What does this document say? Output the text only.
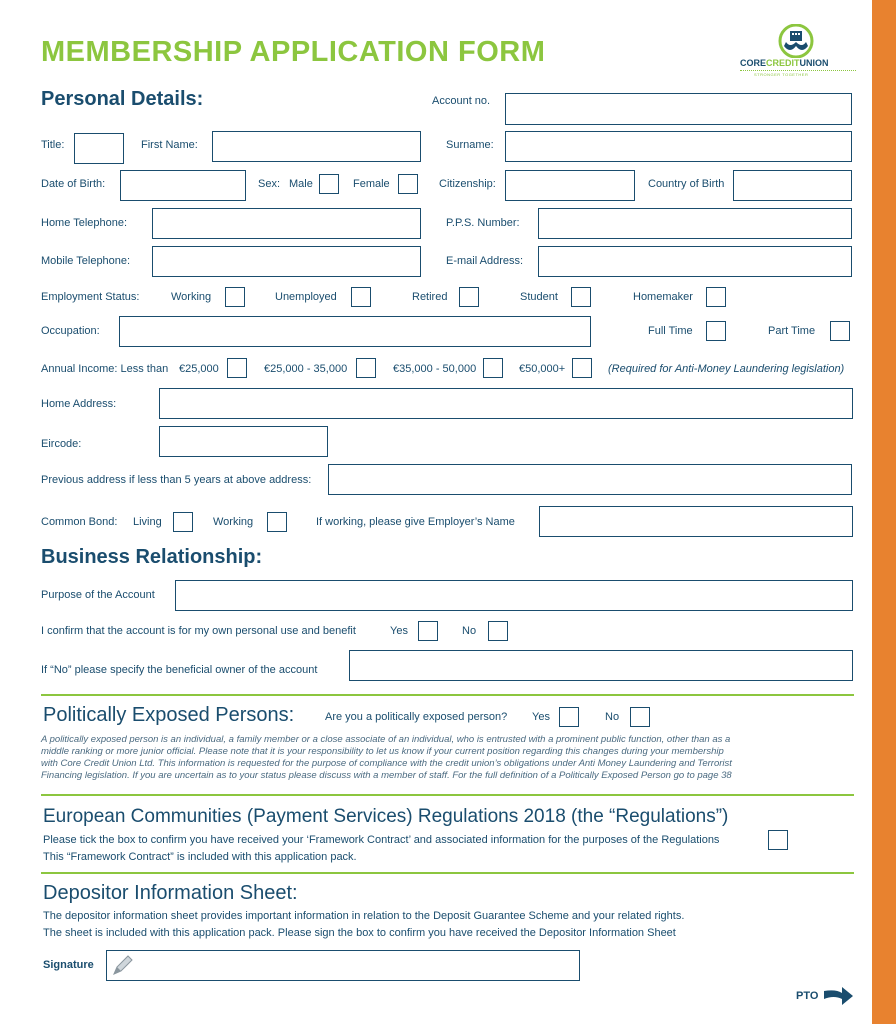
MEMBERSHIP APPLICATION FORM	CORECREDITUNION
STRONGER TOGETHER
Personal Details:	Account no.
Title:	First Name:	Surname:
Date of Birth:	Sex: Male	Female	Citizenship:	Country of Birth
Home Telephone:	P.P.S. Number:
Mobile Telephone:	E-mail Address:
Employment Status:	Working	Unemployed	Retired	Student	Homemaker
Occupation:	Full Time	Part Time
Annual Income: Less than €25,000	€25,000 - 35,000	€35,000 - 50,000	€50,000+	(Required for Anti-Money Laundering legislation)
Home Address:
Eircode:
Previous address if less than 5 years at above address:
Common Bond: Living	Working	If working, please give Employer’s Name
Business Relationship:
Purpose of the Account
I confirm that the account is for my own personal use and benefit	Yes	No
If “No” please specify the beneficial owner of the account
Politically Exposed Persons:	Are you a politically exposed person? Yes	No
A politically exposed person is an individual, a family member or a close associate of an individual, who is entrusted with a prominent public function, other than as a
middle ranking or more junior official. Please note that it is your responsibility to let us know if your current position regarding this changes during your membership
with Core Credit Union Ltd. This information is requested for the purpose of compliance with the credit union’s obligations under Anti Money Laundering and Terrorist
Financing legislation. If you are uncertain as to your status please discuss with a member of staff. For the full definition of a Politically Exposed Person go to page 38
European Communities (Payment Services) Regulations 2018 (the “Regulations”)
Please tick the box to confirm you have received your ‘Framework Contract’ and associated information for the purposes of the Regulations
This “Framework Contract” is included with this application pack.
Depositor Information Sheet:
The depositor information sheet provides important information in relation to the Deposit Guarantee Scheme and your related rights.
The sheet is included with this application pack. Please sign the box to confirm you have received the Depositor Information Sheet
Signature
PTO
